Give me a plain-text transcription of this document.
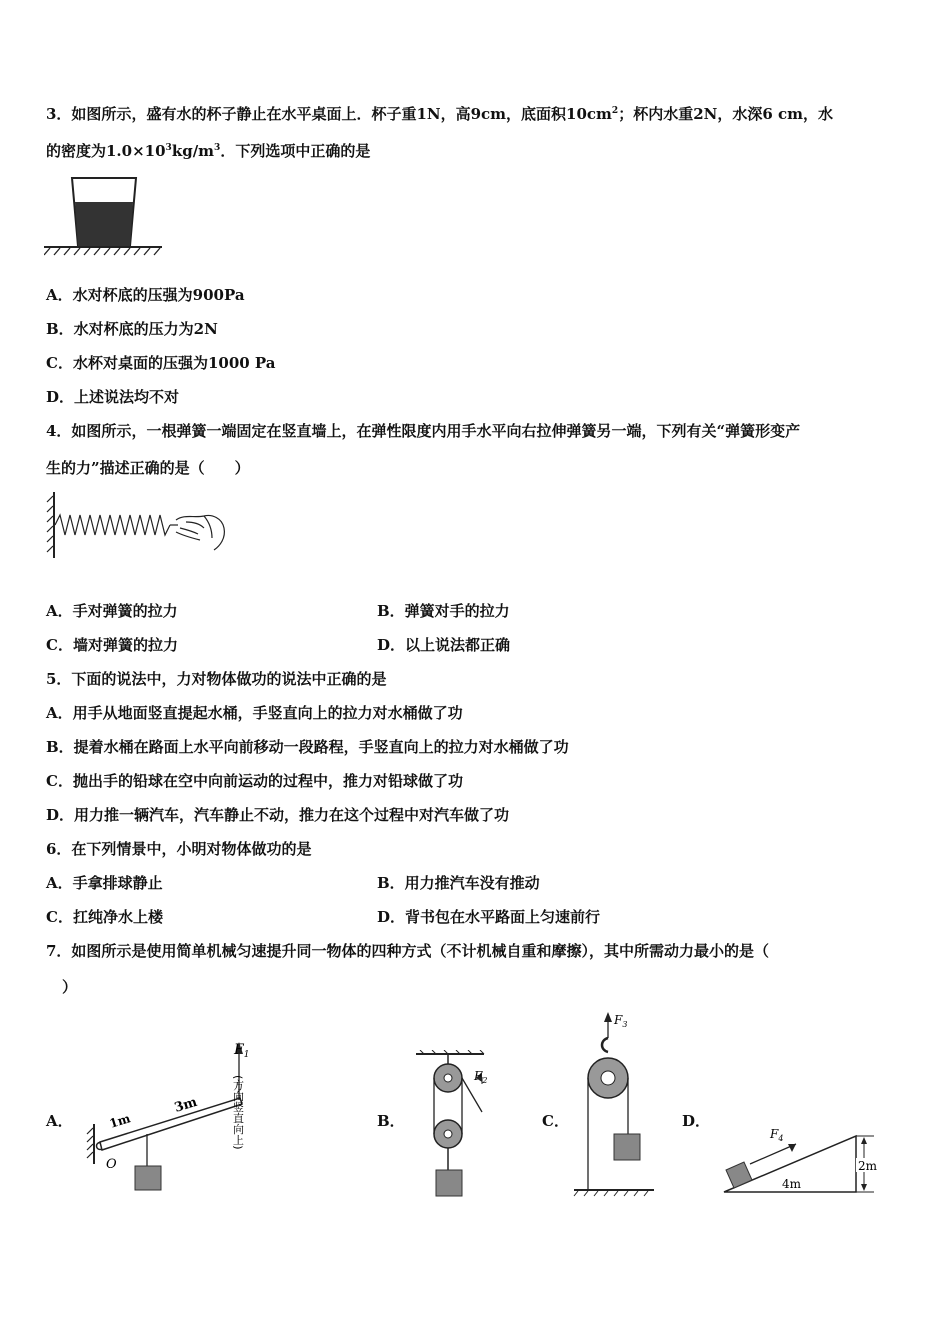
3．如图所示，盛有水的杯子静止在水平桌面上．杯子重1N，高9cm，底面积$10cm^2$；杯内水重2N，水深6 cm，水
的密度为$1.0\times 10^3kg/m^3$．下列选项中正确的是
A．水对杯底的压强为900Pa
B．水对杯底的压力为2N
C．水杯对桌面的压强为1000 Pa
D．上述说法均不对
4．如图所示，一根弹簧一端固定在竖直墙上，在弹性限度内用手水平向右拉伸弹簧另一端，下列有关“弹簧形变产
生的力”描述正确的是（　　）
A．手对弹簧的拉力	B．弹簧对手的拉力
C．墙对弹簧的拉力	D．以上说法都正确
5．下面的说法中，力对物体做功的说法中正确的是
A．用手从地面竖直提起水桶，手竖直向上的拉力对水桶做了功
B．提着水桶在路面上水平向前移动一段路程，手竖直向上的拉力对水桶做了功
C．抛出手的铅球在空中向前运动的过程中，推力对铅球做了功
D．用力推一辆汽车，汽车静止不动，推力在这个过程中对汽车做了功
6．在下列情景中，小明对物体做功的是
A．手拿排球静止	B．用力推汽车没有推动
C．扛纯净水上楼	D．背书包在水平路面上匀速前行
7．如图所示是使用简单机械匀速提升同一物体的四种方式（不计机械自重和摩擦），其中所需动力最小的是（
）
A．	B．	C．	D．
$F_1$
1m
3m
O
(方向竖直向上)	$F_2$
$F_3$
$F_4$
4m
2m
